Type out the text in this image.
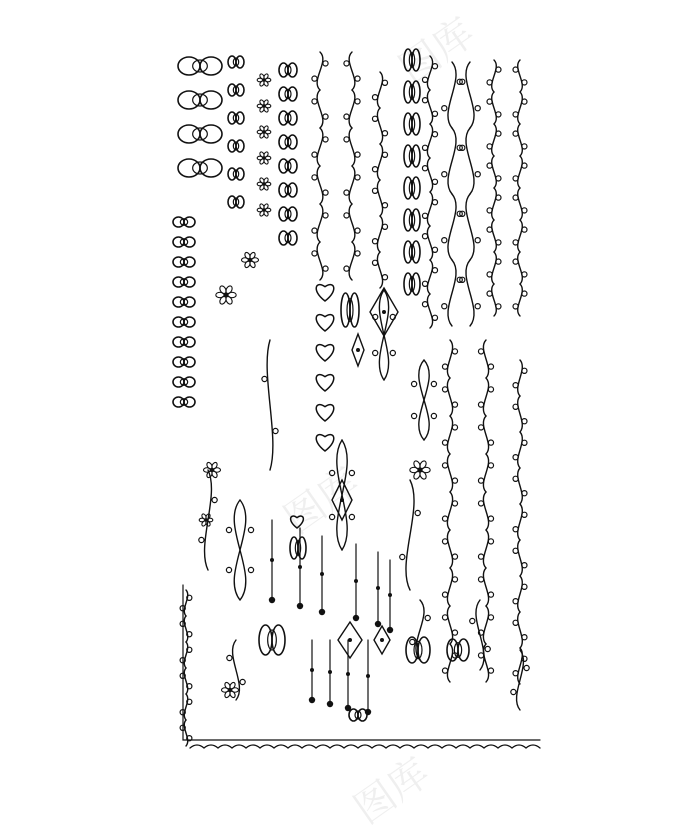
图库
图库
图库
